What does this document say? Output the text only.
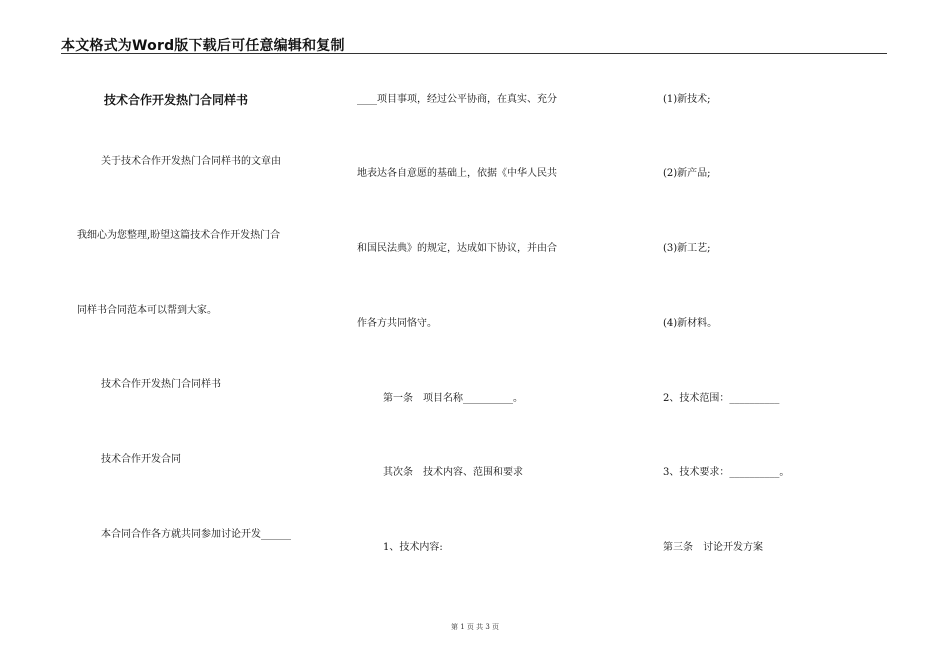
本文格式为Word版下载后可任意编辑和复制
技术合作开发热门合同样书
关于技术合作开发热门合同样书的文章由
我细心为您整理,盼望这篇技术合作开发热门合
同样书合同范本可以帮到大家。
技术合作开发热门合同样书
技术合作开发合同
本合同合作各方就共同参加讨论开发______
____项目事项，经过公平协商，在真实、充分
地表达各自意愿的基础上，依据《中华人民共
和国民法典》的规定，达成如下协议，并由合
作各方共同恪守。
第一条　项目名称__________。
其次条　技术内容、范围和要求
1、技术内容:
(1)新技术;
(2)新产品;
(3)新工艺;
(4)新材料。
2、技术范围：__________
3、技术要求：__________。
第三条　讨论开发方案
第 1 页 共 3 页
